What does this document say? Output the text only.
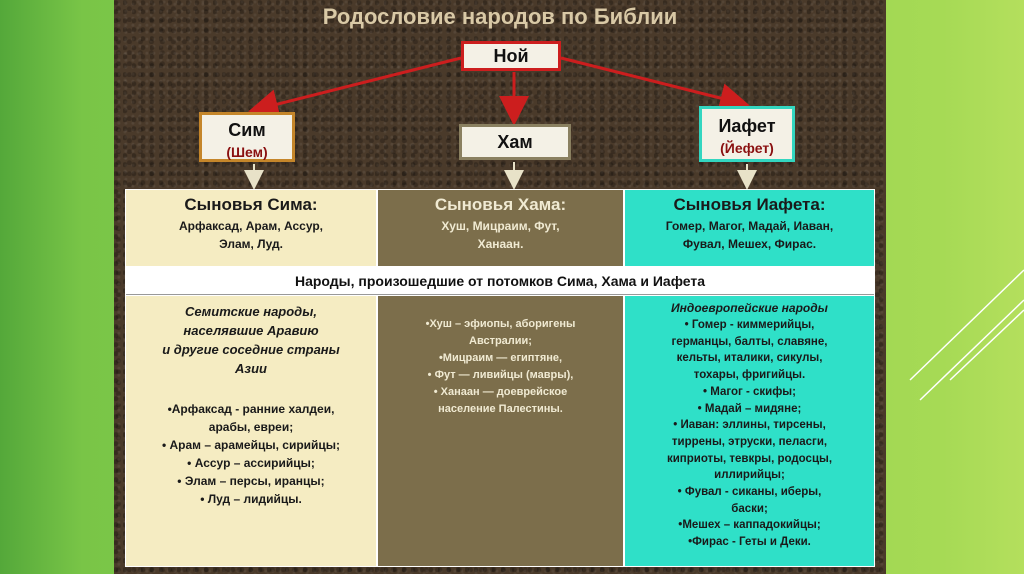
Родословие народов по Библии
Ной
Сим
(Шем)	Хам
Иафет
(Йефет)
Сыновья Сима:
Арфаксад, Арам, Ассур,
Элам, Луд.
Сыновья Хама:
Хуш, Мицраим, Фут,
Ханаан.
Сыновья Иафета:
Гомер, Магог, Мадай, Иаван,
Фувал, Мешех, Фирас.
Народы, произошедшие от потомков Сима, Хама и Иафета
Семитские народы,
населявшие Аравию
и другие соседние страны
Азии
•Арфаксад - ранние халдеи,
арабы, евреи;
• Арам – арамейцы, сирийцы;
• Ассур – ассирийцы;
• Элам – персы, иранцы;
• Луд – лидийцы.
•Хуш – эфиопы, аборигены
Австралии;
•Мицраим — египтяне,
• Фут — ливийцы (мавры),
• Ханаан — доеврейское
население Палестины.
Индоевропейские народы
• Гомер - киммерийцы,
германцы, балты, славяне,
кельты, италики, сикулы,
тохары, фригийцы.
• Магог - скифы;
• Мадай – мидяне;
• Иаван: эллины, тирсены,
тиррены, этруски, пеласги,
киприоты, тевкры, родосцы,
иллирийцы;
• Фувал - сиканы, иберы,
баски;
•Мешех – каппадокийцы;
•Фирас - Геты и Деки.
